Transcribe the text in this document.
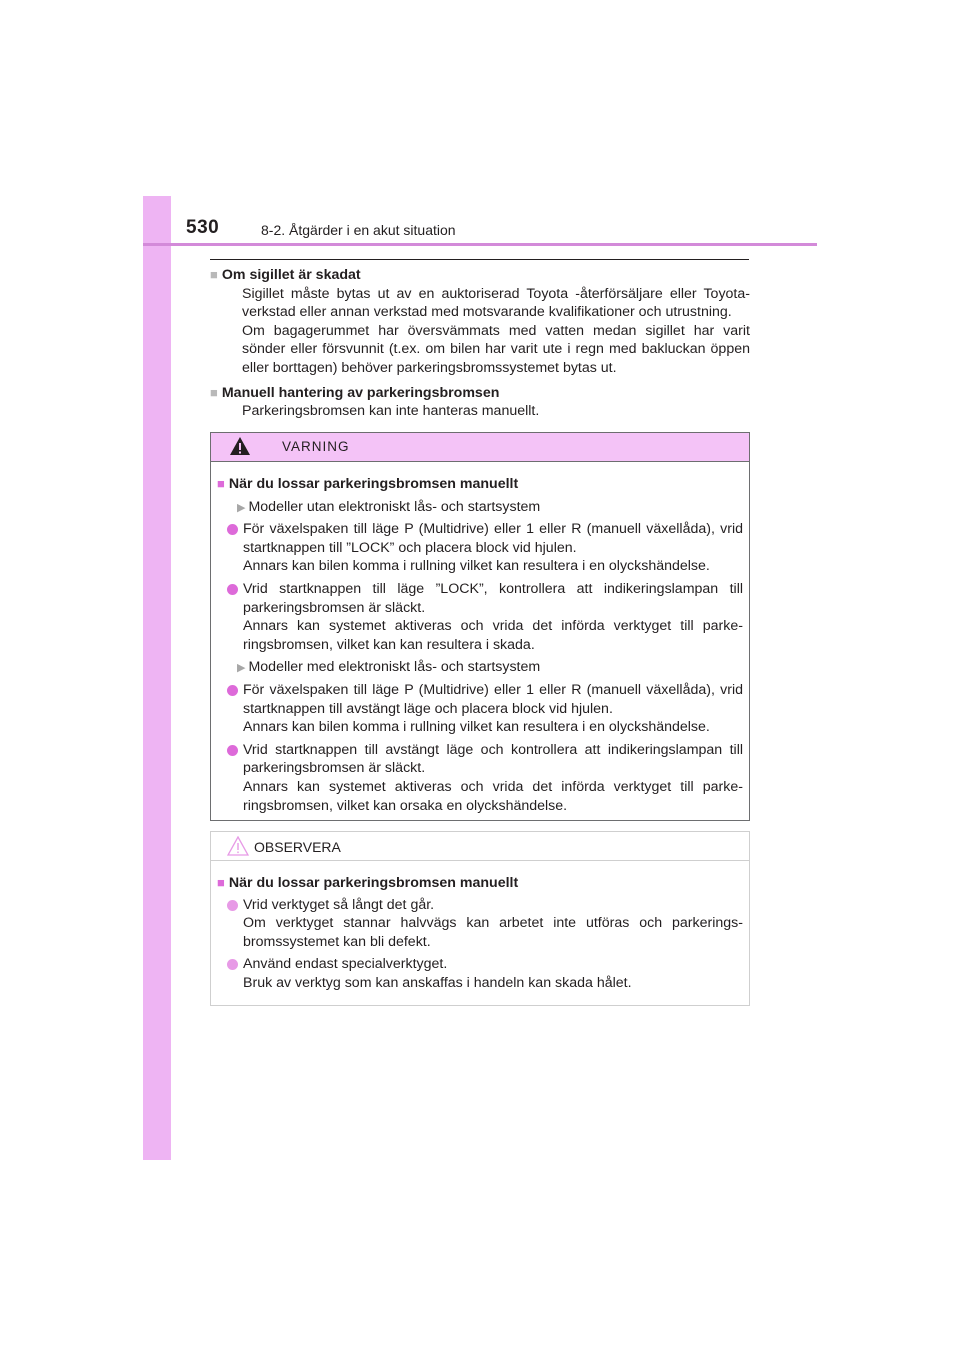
530	8-2. Åtgärder i en akut situation
■ Om sigillet är skadat
Sigillet måste bytas ut av en auktoriserad Toyota -återförsäljare eller Toyota-verkstad eller annan verkstad med motsvarande kvalifikationer och utrustning.
Om bagagerummet har översvämmats med vatten medan sigillet har varit sönder eller försvunnit (t.ex. om bilen har varit ute i regn med bakluckan öppen eller borttagen) behöver parkeringsbromssystemet bytas ut.
■ Manuell hantering av parkeringsbromsen
Parkeringsbromsen kan inte hanteras manuellt.
VARNING
■ När du lossar parkeringsbromsen manuellt
▶ Modeller utan elektroniskt lås- och startsystem
För växelspaken till läge P (Multidrive) eller 1 eller R (manuell växellåda), vrid startknappen till ”LOCK” och placera block vid hjulen.
Annars kan bilen komma i rullning vilket kan resultera i en olyckshändelse.
Vrid startknappen till läge ”LOCK”, kontrollera att indikeringslampan till parkeringsbromsen är släckt.
Annars kan systemet aktiveras och vrida det införda verktyget till parke-ringsbromsen, vilket kan kan resultera i skada.
▶ Modeller med elektroniskt lås- och startsystem
För växelspaken till läge P (Multidrive) eller 1 eller R (manuell växellåda), vrid startknappen till avstängt läge och placera block vid hjulen.
Annars kan bilen komma i rullning vilket kan resultera i en olyckshändelse.
Vrid startknappen till avstängt läge och kontrollera att indikeringslampan till parkeringsbromsen är släckt.
Annars kan systemet aktiveras och vrida det införda verktyget till parke-ringsbromsen, vilket kan orsaka en olyckshändelse.
OBSERVERA
■ När du lossar parkeringsbromsen manuellt
Vrid verktyget så långt det går.
Om verktyget stannar halvvägs kan arbetet inte utföras och parkerings-bromssystemet kan bli defekt.
Använd endast specialverktyget.
Bruk av verktyg som kan anskaffas i handeln kan skada hålet.
